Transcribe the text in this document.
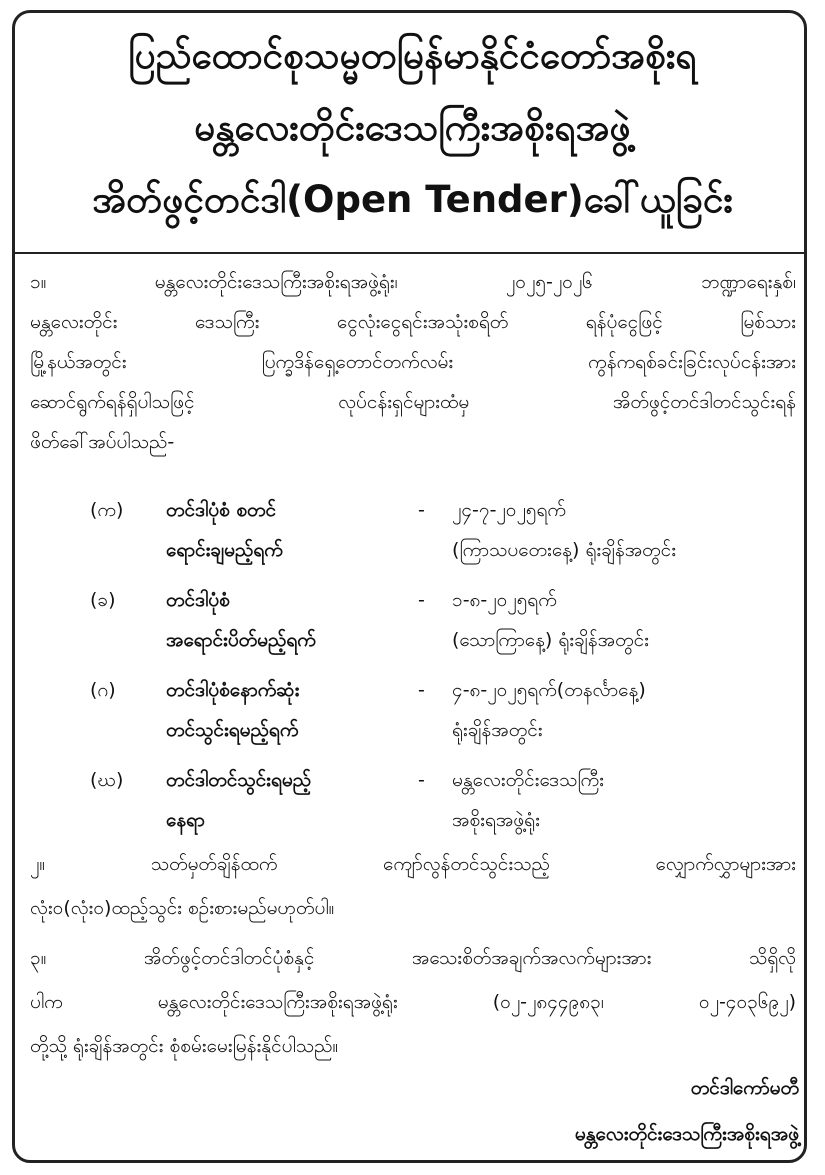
ပြည်ထောင်စုသမ္မတမြန်မာနိုင်ငံတော်အစိုးရ
မန္တလေးတိုင်းဒေသကြီးအစိုးရအဖွဲ့
အိတ်ဖွင့်တင်ဒါ(Open Tender)ခေါ်ယူခြင်း
၁။ မန္တလေးတိုင်းဒေသကြီးအစိုးရအဖွဲ့ရုံး၊ ၂၀၂၅-၂၀၂၆ ဘဏ္ဍာရေးနှစ်၊
မန္တလေးတိုင်း ဒေသကြီး ငွေလုံးငွေရင်းအသုံးစရိတ် ရန်ပုံငွေဖြင့် မြစ်သား
မြို့နယ်အတွင်း ပြက္ခဒိန်ရှေ့တောင်တက်လမ်း ကွန်ကရစ်ခင်းခြင်းလုပ်ငန်းအား
ဆောင်ရွက်ရန်ရှိပါသဖြင့် လုပ်ငန်းရှင်များထံမှ အိတ်ဖွင့်တင်ဒါတင်သွင်းရန်
ဖိတ်ခေါ်အပ်ပါသည်-
(က) တင်ဒါပုံစံ စတင်
ရောင်းချမည့်ရက်
- ၂၄-၇-၂၀၂၅ရက်
(ကြာသပတေးနေ့) ရုံးချိန်အတွင်း
(ခ)	တင်ဒါပုံစံ
အရောင်းပိတ်မည့်ရက်
- ၁-၈-၂၀၂၅ရက်
(သောကြာနေ့) ရုံးချိန်အတွင်း
(ဂ)	တင်ဒါပုံစံနောက်ဆုံး
တင်သွင်းရမည့်ရက်
- ၄-၈-၂၀၂၅ရက်(တနင်္လာနေ့)
ရုံးချိန်အတွင်း
(ဃ) တင်ဒါတင်သွင်းရမည့်
နေရာ
- မန္တလေးတိုင်းဒေသကြီး
အစိုးရအဖွဲ့ရုံး
၂။ သတ်မှတ်ချိန်ထက် ကျော်လွန်တင်သွင်းသည့် လျှောက်လွှာများအား
လုံး၀(လုံး၀)ထည့်သွင်း စဉ်းစားမည်မဟုတ်ပါ။
၃။ အိတ်ဖွင့်တင်ဒါတင်ပုံစံနှင့် အသေးစိတ်အချက်အလက်များအား သိရှိလို
ပါက မန္တလေးတိုင်းဒေသကြီးအစိုးရအဖွဲ့ရုံး (၀၂-၂၈၄၄၉၈၃၊ ၀၂-၄၀၃၆၉၂)
တို့သို့ ရုံးချိန်အတွင်း စုံစမ်းမေးမြန်းနိုင်ပါသည်။
တင်ဒါကော်မတီ
မန္တလေးတိုင်းဒေသကြီးအစိုးရအဖွဲ့
